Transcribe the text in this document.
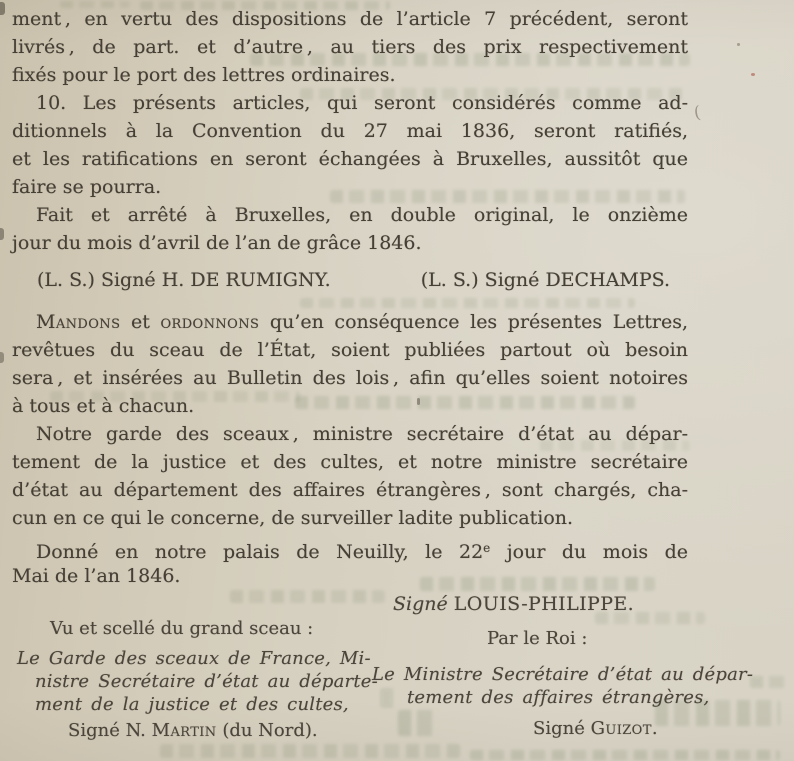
(
ment , en vertu des dispositions de l’article 7 précédent, seront
livrés , de part. et d’autre , au tiers des prix respectivement
fixés pour le port des lettres ordinaires.
10. Les présents articles, qui seront considérés comme ad-
ditionnels à la Convention du 27 mai 1836, seront ratifiés,
et les ratifications en seront échangées à Bruxelles, aussitôt que
faire se pourra.
Fait et arrêté à Bruxelles, en double original, le onzième
jour du mois d’avril de l’an de grâce 1846.
(L. S.) Signé H. DE RUMIGNY.	(L. S.) Signé DECHAMPS.
Mandons et ordonnons qu’en conséquence les présentes Lettres,
revêtues du sceau de l’État, soient publiées partout où besoin
sera , et insérées au Bulletin des lois , afin qu’elles soient notoires
à tous et à chacun.
Notre garde des sceaux , ministre secrétaire d’état au dépar-
tement de la justice et des cultes, et notre ministre secrétaire
d’état au département des affaires étrangères , sont chargés, cha-
cun en ce qui le concerne, de surveiller ladite publication.
Donné en notre palais de Neuilly, le 22e jour du mois de
Mai de l’an 1846.
Signé LOUIS-PHILIPPE.
Vu et scellé du grand sceau :	Par le Roi :
Le Garde des sceaux de France, Mi-
nistre Secrétaire d’état au départe-
ment de la justice et des cultes,
Signé N. Martin (du Nord).
Le Ministre Secrétaire d’état au dépar-
tement des affaires étrangères,
Signé Guizot.
